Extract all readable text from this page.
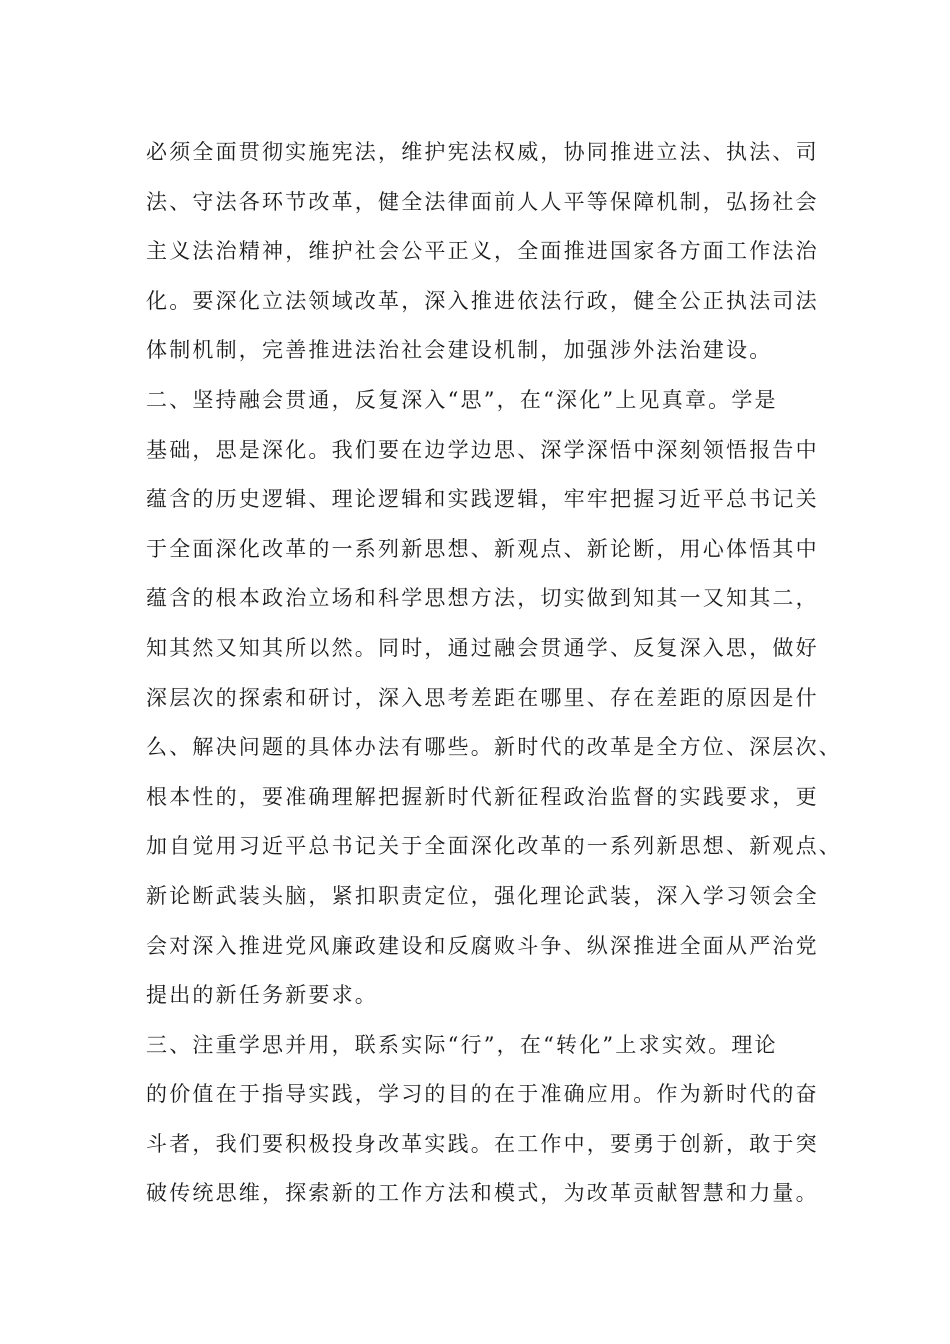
必须全面贯彻实施宪法，维护宪法权威，协同推进立法、执法、司
法、守法各环节改革，健全法律面前人人平等保障机制，弘扬社会
主义法治精神，维护社会公平正义，全面推进国家各方面工作法治
化。要深化立法领域改革，深入推进依法行政，健全公正执法司法
体制机制，完善推进法治社会建设机制，加强涉外法治建设。
二、坚持融会贯通，反复深入“思”，在“深化”上见真章。学是
基础，思是深化。我们要在边学边思、深学深悟中深刻领悟报告中
蕴含的历史逻辑、理论逻辑和实践逻辑，牢牢把握习近平总书记关
于全面深化改革的一系列新思想、新观点、新论断，用心体悟其中
蕴含的根本政治立场和科学思想方法，切实做到知其一又知其二，
知其然又知其所以然。同时，通过融会贯通学、反复深入思，做好
深层次的探索和研讨，深入思考差距在哪里、存在差距的原因是什
么、解决问题的具体办法有哪些。新时代的改革是全方位、深层次、
根本性的，要准确理解把握新时代新征程政治监督的实践要求，更
加自觉用习近平总书记关于全面深化改革的一系列新思想、新观点、
新论断武装头脑，紧扣职责定位，强化理论武装，深入学习领会全
会对深入推进党风廉政建设和反腐败斗争、纵深推进全面从严治党
提出的新任务新要求。
三、注重学思并用，联系实际“行”，在“转化”上求实效。理论
的价值在于指导实践，学习的目的在于准确应用。作为新时代的奋
斗者，我们要积极投身改革实践。在工作中，要勇于创新，敢于突
破传统思维，探索新的工作方法和模式，为改革贡献智慧和力量。
